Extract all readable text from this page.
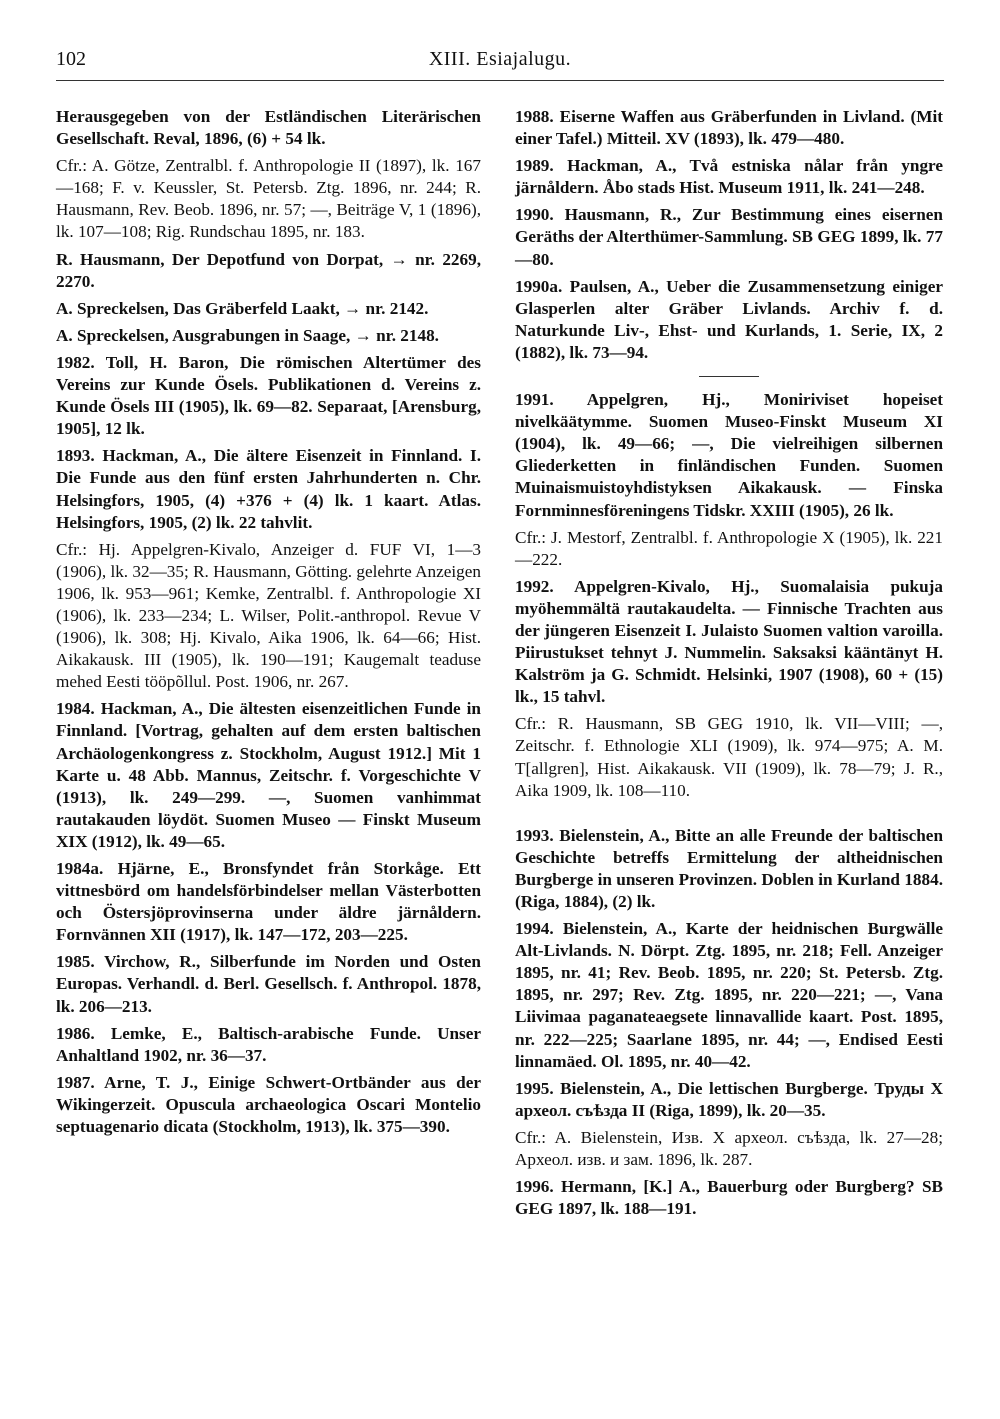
102	XIII. Esiajalugu.

Herausgegeben von der Estländischen Literärischen Gesellschaft. Reval, 1896, (6) + 54 lk.

Cfr.: A. Götze, Zentralbl. f. Anthropologie II (1897), lk. 167—168; F. v. Keussler, St. Petersb. Ztg. 1896, nr. 244; R. Hausmann, Rev. Beob. 1896, nr. 57; —, Beiträge V, 1 (1896), lk. 107—108; Rig. Rundschau 1895, nr. 183.

R. Hausmann, Der Depotfund von Dorpat, → nr. 2269, 2270.

A. Spreckelsen, Das Gräberfeld Laakt, → nr. 2142.

A. Spreckelsen, Ausgrabungen in Saage, → nr. 2148.

1982. Toll, H. Baron, Die römischen Altertümer des Vereins zur Kunde Ösels. Publikationen d. Vereins z. Kunde Ösels III (1905), lk. 69—82. Separaat, [Arensburg, 1905], 12 lk.

1893. Hackman, A., Die ältere Eisenzeit in Finnland. I. Die Funde aus den fünf ersten Jahrhunderten n. Chr. Helsingfors, 1905, (4) +376 + (4) lk. 1 kaart. Atlas. Helsingfors, 1905, (2) lk. 22 tahvlit.

Cfr.: Hj. Appelgren-Kivalo, Anzeiger d. FUF VI, 1—3 (1906), lk. 32—35; R. Hausmann, Götting. gelehrte Anzeigen 1906, lk. 953—961; Kemke, Zentralbl. f. Anthropologie XI (1906), lk. 233—234; L. Wilser, Polit.-anthropol. Revue V (1906), lk. 308; Hj. Kivalo, Aika 1906, lk. 64—66; Hist. Aikakausk. III (1905), lk. 190—191; Kaugemalt teaduse mehed Eesti tööpõllul. Post. 1906, nr. 267.

1984. Hackman, A., Die ältesten eisenzeitlichen Funde in Finnland. [Vortrag, gehalten auf dem ersten baltischen Archäologenkongress z. Stockholm, August 1912.] Mit 1 Karte u. 48 Abb. Mannus, Zeitschr. f. Vorgeschichte V (1913), lk. 249—299. —, Suomen vanhimmat rautakauden löydöt. Suomen Museo — Finskt Museum XIX (1912), lk. 49—65.

1984a. Hjärne, E., Bronsfyndet från Storkåge. Ett vittnesbörd om handelsförbindelser mellan Västerbotten och Östersjöprovinserna under äldre järnåldern. Fornvännen XII (1917), lk. 147—172, 203—225.

1985. Virchow, R., Silberfunde im Norden und Osten Europas. Verhandl. d. Berl. Gesellsch. f. Anthropol. 1878, lk. 206—213.

1986. Lemke, E., Baltisch-arabische Funde. Unser Anhaltland 1902, nr. 36—37.

1987. Arne, T. J., Einige Schwert-Ortbänder aus der Wikingerzeit. Opuscula archaeologica Oscari Montelio septuagenario dicata (Stockholm, 1913), lk. 375—390.

1988. Eiserne Waffen aus Gräberfunden in Livland. (Mit einer Tafel.) Mitteil. XV (1893), lk. 479—480.

1989. Hackman, A., Två estniska nålar från yngre järnåldern. Åbo stads Hist. Museum 1911, lk. 241—248.

1990. Hausmann, R., Zur Bestimmung eines eisernen Geräths der Alterthümer-Sammlung. SB GEG 1899, lk. 77—80.

1990a. Paulsen, A., Ueber die Zusammensetzung einiger Glasperlen alter Gräber Livlands. Archiv f. d. Naturkunde Liv-, Ehst- und Kurlands, 1. Serie, IX, 2 (1882), lk. 73—94.

1991. Appelgren, Hj., Moniriviset hopeiset nivelkäätymme. Suomen Museo-Finskt Museum XI (1904), lk. 49—66; —, Die vielreihigen silbernen Gliederketten in finländischen Funden. Suomen Muinaismuistoyhdistyksen Aikakausk. — Finska Fornminnesföreningens Tidskr. XXIII (1905), 26 lk.

Cfr.: J. Mestorf, Zentralbl. f. Anthropologie X (1905), lk. 221—222.

1992. Appelgren-Kivalo, Hj., Suomalaisia pukuja myöhemmältä rautakaudelta. — Finnische Trachten aus der jüngeren Eisenzeit I. Julaisto Suomen valtion varoilla. Piirustukset tehnyt J. Nummelin. Saksaksi kääntänyt H. Kalström ja G. Schmidt. Helsinki, 1907 (1908), 60 + (15) lk., 15 tahvl.

Cfr.: R. Hausmann, SB GEG 1910, lk. VII—VIII; —, Zeitschr. f. Ethnologie XLI (1909), lk. 974—975; A. M. T[allgren], Hist. Aikakausk. VII (1909), lk. 78—79; J. R., Aika 1909, lk. 108—110.

1993. Bielenstein, A., Bitte an alle Freunde der baltischen Geschichte betreffs Ermittelung der altheidnischen Burgberge in unseren Provinzen. Doblen in Kurland 1884. (Riga, 1884), (2) lk.

1994. Bielenstein, A., Karte der heidnischen Burgwälle Alt-Livlands. N. Dörpt. Ztg. 1895, nr. 218; Fell. Anzeiger 1895, nr. 41; Rev. Beob. 1895, nr. 220; St. Petersb. Ztg. 1895, nr. 297; Rev. Ztg. 1895, nr. 220—221; —, Vana Liivimaa paganateaegsete linnavallide kaart. Post. 1895, nr. 222—225; Saarlane 1895, nr. 44; —, Endised Eesti linnamäed. Ol. 1895, nr. 40—42.

1995. Bielenstein, A., Die lettischen Burgberge. Труды X археол. съѣзда II (Riga, 1899), lk. 20—35.

Cfr.: A. Bielenstein, Изв. X археол. съѣзда, lk. 27—28; Археол. изв. и зам. 1896, lk. 287.

1996. Hermann, [K.] A., Bauerburg oder Burgberg? SB GEG 1897, lk. 188—191.
